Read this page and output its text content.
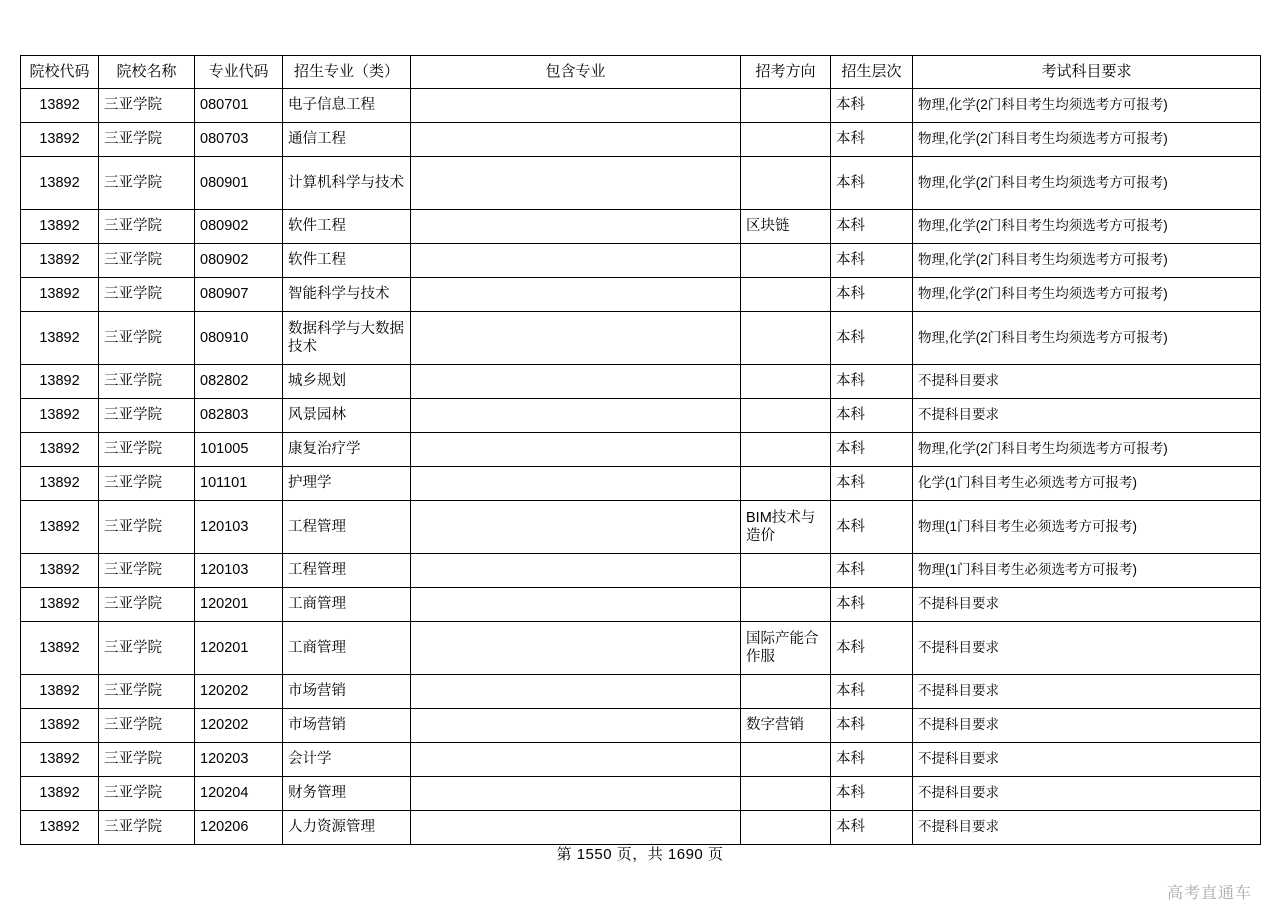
院校代码	院校名称	专业代码	招生专业（类）	包含专业	招考方向	招生层次	考试科目要求
13892	三亚学院	080701	电子信息工程			本科	物理,化学(2门科目考生均须选考方可报考)
13892	三亚学院	080703	通信工程			本科	物理,化学(2门科目考生均须选考方可报考)
13892	三亚学院	080901	计算机科学与技术			本科	物理,化学(2门科目考生均须选考方可报考)
13892	三亚学院	080902	软件工程		区块链	本科	物理,化学(2门科目考生均须选考方可报考)
13892	三亚学院	080902	软件工程			本科	物理,化学(2门科目考生均须选考方可报考)
13892	三亚学院	080907	智能科学与技术			本科	物理,化学(2门科目考生均须选考方可报考)
13892	三亚学院	080910	数据科学与大数据技术			本科	物理,化学(2门科目考生均须选考方可报考)
13892	三亚学院	082802	城乡规划			本科	不提科目要求
13892	三亚学院	082803	风景园林			本科	不提科目要求
13892	三亚学院	101005	康复治疗学			本科	物理,化学(2门科目考生均须选考方可报考)
13892	三亚学院	101101	护理学			本科	化学(1门科目考生必须选考方可报考)
13892	三亚学院	120103	工程管理		BIM技术与造价	本科	物理(1门科目考生必须选考方可报考)
13892	三亚学院	120103	工程管理			本科	物理(1门科目考生必须选考方可报考)
13892	三亚学院	120201	工商管理			本科	不提科目要求
13892	三亚学院	120201	工商管理		国际产能合作服	本科	不提科目要求
13892	三亚学院	120202	市场营销			本科	不提科目要求
13892	三亚学院	120202	市场营销		数字营销	本科	不提科目要求
13892	三亚学院	120203	会计学			本科	不提科目要求
13892	三亚学院	120204	财务管理			本科	不提科目要求
13892	三亚学院	120206	人力资源管理			本科	不提科目要求
第 1550 页，共 1690 页
高考直通车
